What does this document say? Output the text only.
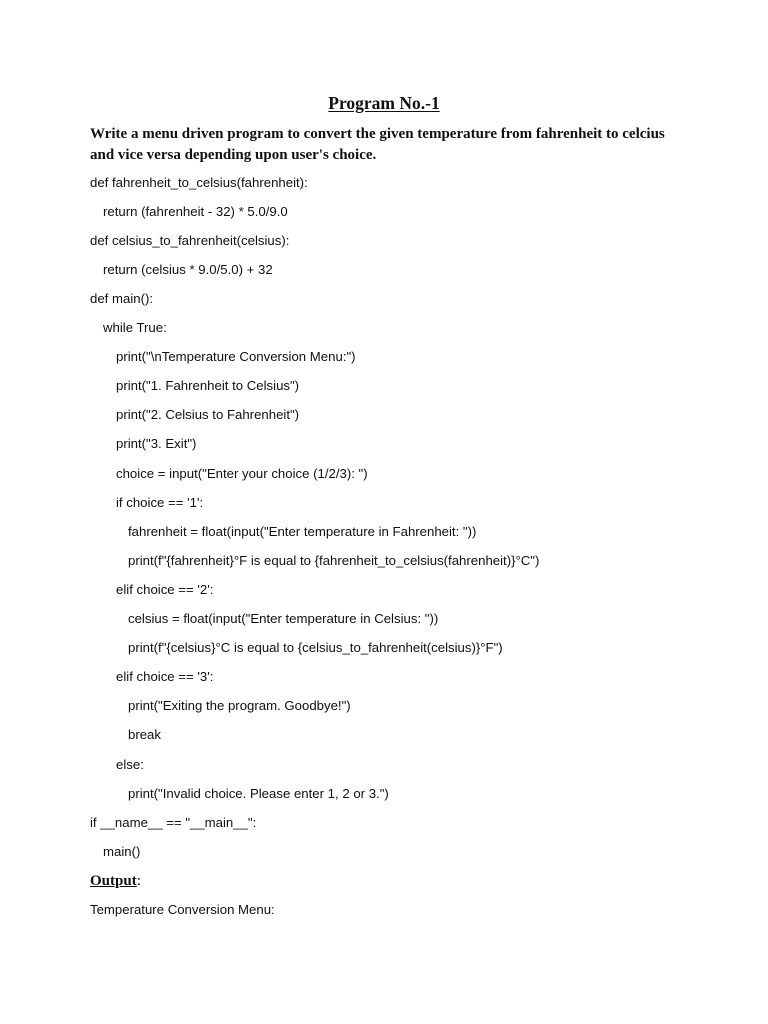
Program No.-1
Write a menu driven program to convert the given temperature from fahrenheit to celcius and vice versa depending upon user's choice.
def fahrenheit_to_celsius(fahrenheit):
return (fahrenheit - 32) * 5.0/9.0
def celsius_to_fahrenheit(celsius):
return (celsius * 9.0/5.0) + 32
def main():
while True:
print("\nTemperature Conversion Menu:")
print("1. Fahrenheit to Celsius")
print("2. Celsius to Fahrenheit")
print("3. Exit")
choice = input("Enter your choice (1/2/3): ")
if choice == '1':
fahrenheit = float(input("Enter temperature in Fahrenheit: "))
print(f"{fahrenheit}°F is equal to {fahrenheit_to_celsius(fahrenheit)}°C")
elif choice == '2':
celsius = float(input("Enter temperature in Celsius: "))
print(f"{celsius}°C is equal to {celsius_to_fahrenheit(celsius)}°F")
elif choice == '3':
print("Exiting the program. Goodbye!")
break
else:
print("Invalid choice. Please enter 1, 2 or 3.")
if __name__ == "__main__":
main()
Output:
Temperature Conversion Menu:
